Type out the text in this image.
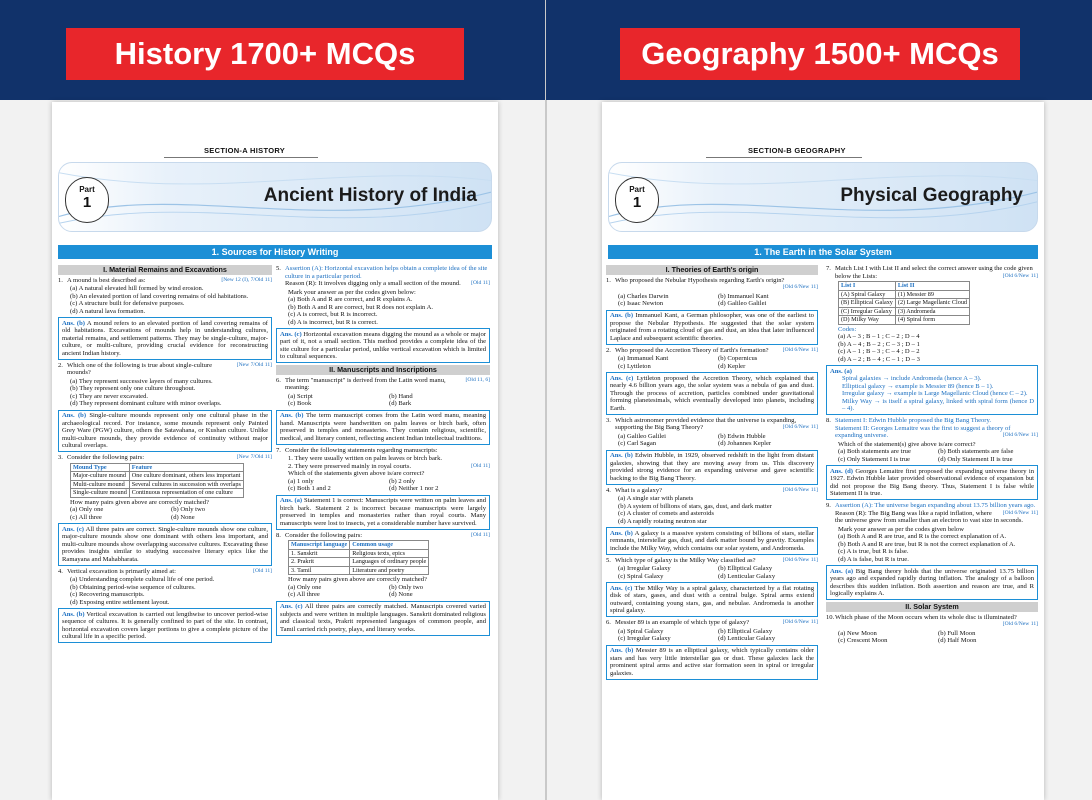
History 1700+ MCQs
SECTION-A HISTORY
Part
1	Ancient History of India
1. Sources for History Writing
I. Material Remains and Excavations
1.	[New 12 (I), 7/Old 11]
A mound is best described as:
(a) A natural elevated hill formed by wind erosion.
(b) An elevated portion of land covering remains of old habitations.
(c) A structure built for defensive purposes.
(d) A natural lava formation.
Ans. (b) A mound refers to an elevated portion of land covering remains of old habitations. Excavations of mounds help in understanding cultures, material remains, and settlement patterns. They may be single-culture, major-culture, or multi-culture, providing crucial evidence for reconstructing ancient Indian history.
2.	[New 7/Old 11]
Which one of the following is true about single-culture mounds?
(a) They represent successive layers of many cultures.
(b) They represent only one culture throughout.
(c) They are never excavated.
(d) They represent dominant culture with minor overlaps.
Ans. (b) Single-culture mounds represent only one cultural phase in the archaeological record. For instance, some mounds represent only Painted Grey Ware (PGW) culture, others the Satavahana, or Kushan culture. Unlike multi-culture mounds, they provide evidence of continuity without major cultural overlaps.
3.	[New 7/Old 11]
Consider the following pairs:
Mound Type	Feature
Major-culture mound	One culture dominant, others less important
Multi-culture mound	Several cultures in succession with overlaps
Single-culture mound	Continuous representation of one culture
How many pairs given above are correctly matched?
(a) Only one	(b) Only two
(c) All three	(d) None
Ans. (c) All three pairs are correct. Single-culture mounds show one culture, major-culture mounds show one dominant with others less important, and multi-culture mounds show overlapping successive cultures. Excavating these provides insights similar to studying successive literary epics like the Ramayana and Mahabharata.
4.	[Old 11]
Vertical excavation is primarily aimed at:
(a) Understanding complete cultural life of one period.
(b) Obtaining period-wise sequence of cultures.
(c) Recovering manuscripts.
(d) Exposing entire settlement layout.
Ans. (b) Vertical excavation is carried out lengthwise to uncover period-wise sequence of cultures. It is generally confined to part of the site. In contrast, horizontal excavation covers larger portions to give a complete picture of the cultural life in a specific period.
5. Assertion (A): Horizontal excavation helps obtain a complete idea of the site culture in a particular period.
Reason (R): It involves digging only a small section of the mound. [Old 11]
Mark your answer as per the codes given below:
(a) Both A and R are correct, and R explains A.
(b) Both A and R are correct, but R does not explain A.
(c) A is correct, but R is incorrect.
(d) A is incorrect, but R is correct.
Ans. (c) Horizontal excavation means digging the mound as a whole or major part of it, not a small section. This method provides a complete idea of the site culture for a particular period, unlike vertical excavation which is limited to cultural sequences.
II. Manuscripts and Inscriptions
6.	[Old 11, 6]
The term "manuscript" is derived from the Latin word manu, meaning:
(a) Script	(b) Hand
(c) Book	(d) Bark
Ans. (b) The term manuscript comes from the Latin word manu, meaning hand. Manuscripts were handwritten on palm leaves or birch bark, often preserved in temples and monasteries. They contain religious, scientific, medical, and literary content, reflecting ancient Indian intellectual traditions.
7. Consider the following statements regarding manuscripts:
1. They were usually written on palm leaves or birch bark.
2. They were preserved mainly in royal courts.	[Old 11]
Which of the statements given above is/are correct?
(a) 1 only	(b) 2 only
(c) Both 1 and 2	(d) Neither 1 nor 2
Ans. (a) Statement 1 is correct: Manuscripts were written on palm leaves and birch bark. Statement 2 is incorrect because manuscripts were largely preserved in temples and monasteries rather than royal courts. Many manuscripts were lost to insects, yet a considerable number have survived.
8.	[Old 11]
Consider the following pairs:
Manuscript language	Common usage
1. Sanskrit	Religious texts, epics
2. Prakrit	Languages of ordinary people
3. Tamil	Literature and poetry
How many pairs given above are correctly matched?
(a) Only one	(b) Only two
(c) All three	(d) None
Ans. (c) All three pairs are correctly matched. Manuscripts covered varied subjects and were written in multiple languages. Sanskrit dominated religious and classical texts, Prakrit represented languages of common people, and Tamil carried rich poetry, plays, and literary works.
Geography 1500+ MCQs
SECTION-B GEOGRAPHY
Part
1	Physical Geography
1. The Earth in the Solar System
I. Theories of Earth's origin
1. Who proposed the Nebular Hypothesis regarding Earth's origin?
[Old 6/New 11]
(a) Charles Darwin	(b) Immanuel Kant
(c) Isaac Newton	(d) Galileo Galilei
Ans. (b) Immanuel Kant, a German philosopher, was one of the earliest to propose the Nebular Hypothesis. He suggested that the solar system originated from a rotating cloud of gas and dust, an idea that later influenced Laplace and subsequent scientific theories.
2. Who proposed the Accretion Theory of Earth's formation?	[Old 6/New 11]
(a) Immanuel Kant	(b) Copernicus
(c) Lyttleton	(d) Kepler
Ans. (c) Lyttleton proposed the Accretion Theory, which explained that nearly 4.6 billion years ago, the solar system was a nebula of gas and dust. Through the process of accretion, particles combined under gravitational forming planetesimals, which eventually developed into planets, including Earth.
3. Which astronomer provided evidence that the universe is expanding, supporting the Big Bang Theory?	[Old 6/New 11]
(a) Galileo Galilei	(b) Edwin Hubble
(c) Carl Sagan	(d) Johannes Kepler
Ans. (b) Edwin Hubble, in 1929, observed redshift in the light from distant galaxies, showing that they are moving away from us. This discovery provided strong evidence for an expanding universe and gave scientific backing to the Big Bang Theory.
4.	[Old 6/New 11]
What is a galaxy?
(a) A single star with planets
(b) A system of billions of stars, gas, dust, and dark matter
(c) A cluster of comets and asteroids
(d) A rapidly rotating neutron star
Ans. (b) A galaxy is a massive system consisting of billions of stars, stellar remnants, interstellar gas, dust, and dark matter bound by gravity. Examples include the Milky Way, which contains our solar system, and Andromeda.
5. Which type of galaxy is the Milky Way classified as?	[Old 6/New 11]
(a) Irregular Galaxy	(b) Elliptical Galaxy
(c) Spiral Galaxy	(d) Lenticular Galaxy
Ans. (c) The Milky Way is a spiral galaxy, characterized by a flat rotating disk of stars, gases, and dust with a central bulge. Spiral arms extend outward, containing young stars, gas, and nebulae. Andromeda is another spiral galaxy.
6.	[Old 6/New 11]
Messier 89 is an example of which type of galaxy?
(a) Spiral Galaxy	(b) Elliptical Galaxy
(c) Irregular Galaxy	(d) Lenticular Galaxy
Ans. (b) Messier 89 is an elliptical galaxy, which typically contains older stars and has very little interstellar gas or dust. These galaxies lack the prominent spiral arms and active star formation seen in spiral or irregular galaxies.
7. Match List I with List II and select the correct answer using the code given below the Lists:	[Old 6/New 11]
List I	List II
(A) Spiral Galaxy	(1) Messier 89
(B) Elliptical Galaxy	(2) Large Magellanic Cloud
(C) Irregular Galaxy	(3) Andromeda
(D) Milky Way	(4) Spiral form
Codes:
(a) A – 3 ; B – 1 ; C – 2 ; D – 4
(b) A – 4 ; B – 2 ; C – 3 ; D – 1
(c) A – 1 ; B – 3 ; C – 4 ; D – 2
(d) A – 2 ; B – 4 ; C – 1 ; D – 3
Ans. (a)
Spiral galaxies → include Andromeda (hence A – 3).
Elliptical galaxy → example is Messier 89 (hence B – 1).
Irregular galaxy → example is Large Magellanic Cloud (hence C – 2).
Milky Way → is itself a spiral galaxy, linked with spiral form (hence D – 4).
8. Statement I: Edwin Hubble proposed the Big Bang Theory.
Statement II: Georges Lemaitre was the first to suggest a theory of expanding universe.	[Old 6/New 11]
Which of the statement(s) give above is/are correct?
(a) Both statements are true	(b) Both statements are false
(c) Only Statement I is true	(d) Only Statement II is true
Ans. (d) Georges Lemaitre first proposed the expanding universe theory in 1927. Edwin Hubble later provided observational evidence of expansion but did not propose the Big Bang theory. Thus, Statement I is false while Statement II is true.
9. Assertion (A): The universe began expanding about 13.75 billion years ago.
[Old 6/New 11]

Reason (R): The Big Bang was like a rapid inflation, where the universe grew from smaller than an electron to vast size in seconds.
Mark your answer as per the codes given below
(a) Both A and R are true, and R is the correct explanation of A.
(b) Both A and R are true, but R is not the correct explanation of A.
(c) A is true, but R is false.
(d) A is false, but R is true.
Ans. (a) Big Bang theory holds that the universe originated 13.75 billion years ago and expanded rapidly during inflation. The analogy of a balloon describes this sudden inflation. Both assertion and reason are true, and R logically explains A.
II. Solar System
10. Which phase of the Moon occurs when its whole disc is illuminated?
[Old 6/New 11]
(a) New Moon	(b) Full Moon
(c) Crescent Moon	(d) Half Moon
